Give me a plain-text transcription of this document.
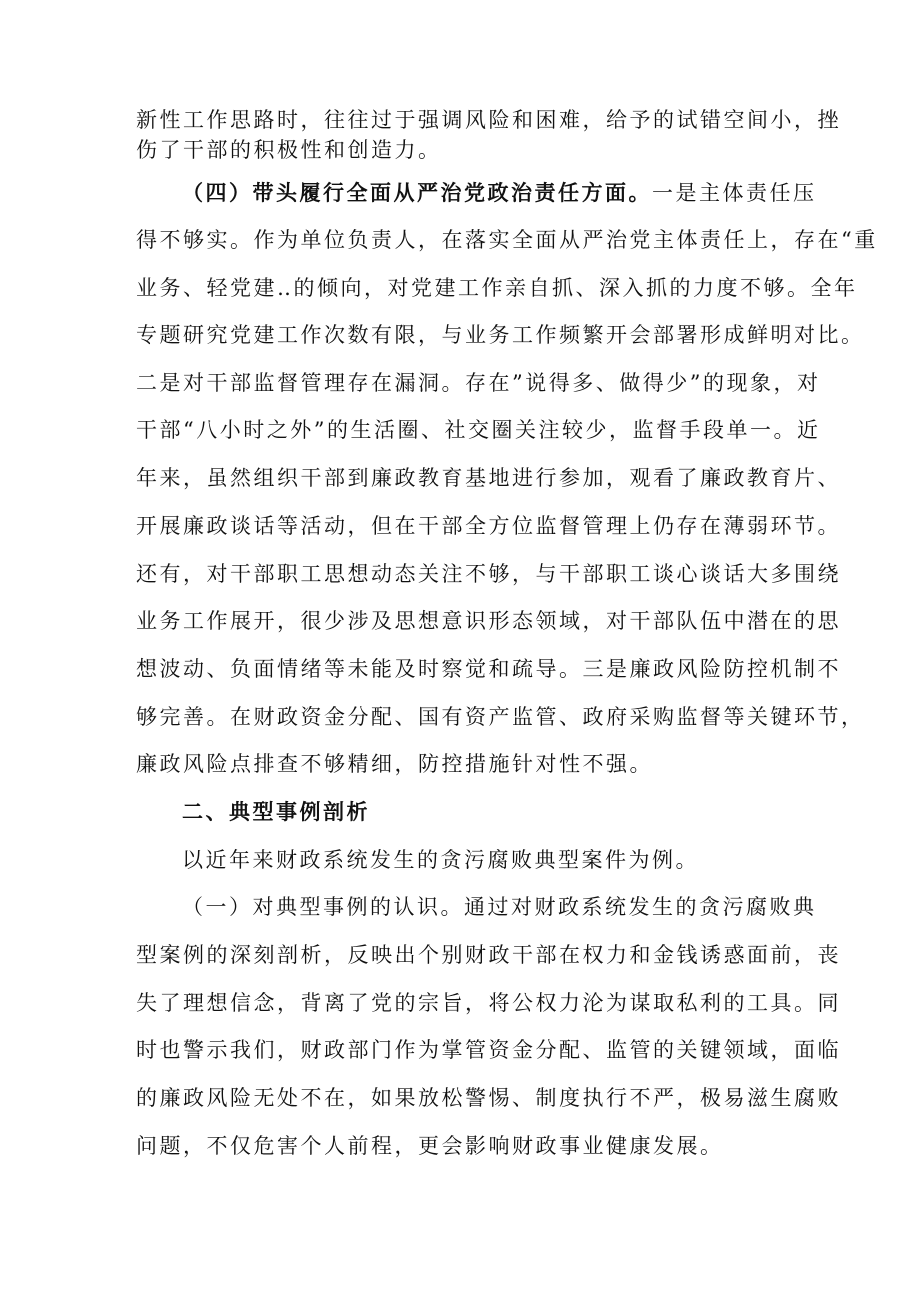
新性工作思路时，往往过于强调风险和困难，给予的试错空间小，挫
伤了干部的积极性和创造力。
（四）带头履行全面从严治党政治责任方面。一是主体责任压
得不够实。作为单位负责人，在落实全面从严治党主体责任上，存在“重
业务、轻党建‥的倾向，对党建工作亲自抓、深入抓的力度不够。全年
专题研究党建工作次数有限，与业务工作频繁开会部署形成鲜明对比。
二是对干部监督管理存在漏洞。存在”说得多、做得少”的现象，对
干部“八小时之外”的生活圈、社交圈关注较少，监督手段单一。近
年来，虽然组织干部到廉政教育基地进行参加，观看了廉政教育片、
开展廉政谈话等活动，但在干部全方位监督管理上仍存在薄弱环节。
还有，对干部职工思想动态关注不够，与干部职工谈心谈话大多围绕
业务工作展开，很少涉及思想意识形态领域，对干部队伍中潜在的思
想波动、负面情绪等未能及时察觉和疏导。三是廉政风险防控机制不
够完善。在财政资金分配、国有资产监管、政府采购监督等关键环节，
廉政风险点排查不够精细，防控措施针对性不强。
二、典型事例剖析
以近年来财政系统发生的贪污腐败典型案件为例。
（一）对典型事例的认识。通过对财政系统发生的贪污腐败典
型案例的深刻剖析，反映出个别财政干部在权力和金钱诱惑面前，丧
失了理想信念，背离了党的宗旨，将公权力沦为谋取私利的工具。同
时也警示我们，财政部门作为掌管资金分配、监管的关键领域，面临
的廉政风险无处不在，如果放松警惕、制度执行不严，极易滋生腐败
问题，不仅危害个人前程，更会影响财政事业健康发展。
